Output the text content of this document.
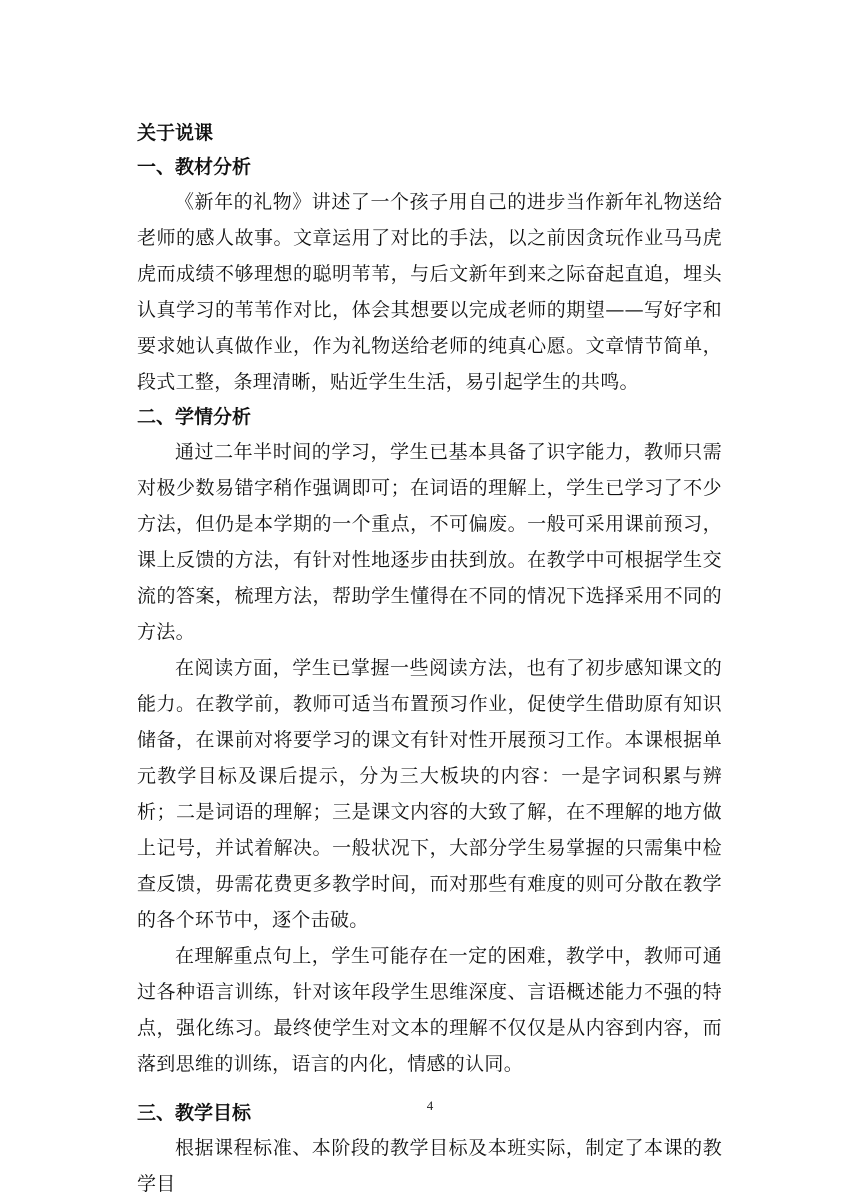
关于说课
一、教材分析

《新年的礼物》讲述了一个孩子用自己的进步当作新年礼物送给老师的感人故事。文章运用了对比的手法，以之前因贪玩作业马马虎虎而成绩不够理想的聪明苇苇，与后文新年到来之际奋起直追，埋头认真学习的苇苇作对比，体会其想要以完成老师的期望——写好字和要求她认真做作业，作为礼物送给老师的纯真心愿。文章情节简单，段式工整，条理清晰，贴近学生生活，易引起学生的共鸣。

二、学情分析

通过二年半时间的学习，学生已基本具备了识字能力，教师只需对极少数易错字稍作强调即可；在词语的理解上，学生已学习了不少方法，但仍是本学期的一个重点，不可偏废。一般可采用课前预习，课上反馈的方法，有针对性地逐步由扶到放。在教学中可根据学生交流的答案，梳理方法，帮助学生懂得在不同的情况下选择采用不同的方法。

在阅读方面，学生已掌握一些阅读方法，也有了初步感知课文的能力。在教学前，教师可适当布置预习作业，促使学生借助原有知识储备，在课前对将要学习的课文有针对性开展预习工作。本课根据单元教学目标及课后提示，分为三大板块的内容：一是字词积累与辨析；二是词语的理解；三是课文内容的大致了解，在不理解的地方做上记号，并试着解决。一般状况下，大部分学生易掌握的只需集中检查反馈，毋需花费更多教学时间，而对那些有难度的则可分散在教学的各个环节中，逐个击破。

在理解重点句上，学生可能存在一定的困难，教学中，教师可通过各种语言训练，针对该年段学生思维深度、言语概述能力不强的特点，强化练习。最终使学生对文本的理解不仅仅是从内容到内容，而落到思维的训练，语言的内化，情感的认同。

三、教学目标

根据课程标准、本阶段的教学目标及本班实际，制定了本课的教学目

4
